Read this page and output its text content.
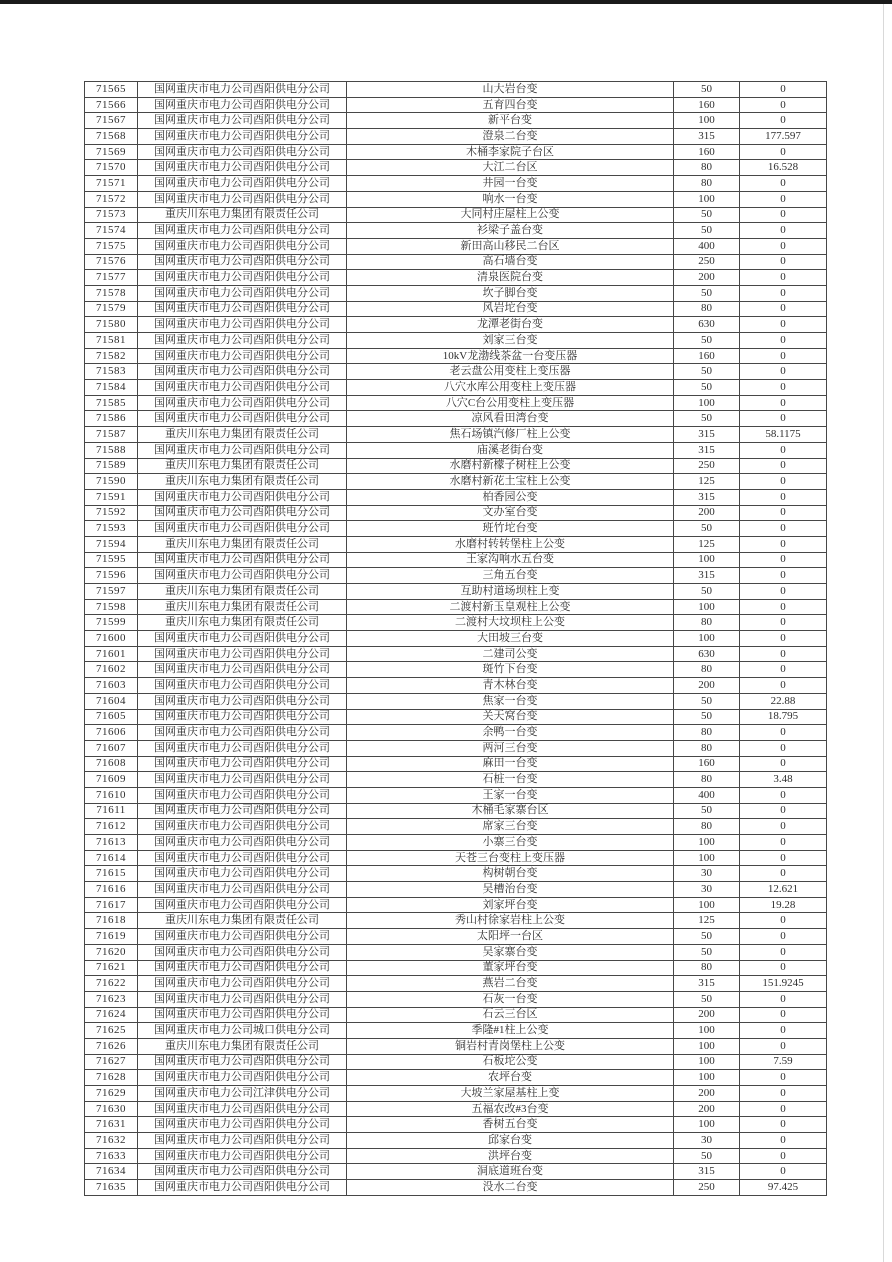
71565	国网重庆市电力公司酉阳供电分公司	山大岩台变	50	0
71566	国网重庆市电力公司酉阳供电分公司	五育四台变	160	0
71567	国网重庆市电力公司酉阳供电分公司	新平台变	100	0
71568	国网重庆市电力公司酉阳供电分公司	澄泉二台变	315	177.597
71569	国网重庆市电力公司酉阳供电分公司	木桶李家院子台区	160	0
71570	国网重庆市电力公司酉阳供电分公司	大江二台区	80	16.528
71571	国网重庆市电力公司酉阳供电分公司	井园一台变	80	0
71572	国网重庆市电力公司酉阳供电分公司	响水一台变	100	0
71573	重庆川东电力集团有限责任公司	大同村庄屋柱上公变	50	0
71574	国网重庆市电力公司酉阳供电分公司	衫梁子盖台变	50	0
71575	国网重庆市电力公司酉阳供电分公司	新田高山移民二台区	400	0
71576	国网重庆市电力公司酉阳供电分公司	高石墙台变	250	0
71577	国网重庆市电力公司酉阳供电分公司	清泉医院台变	200	0
71578	国网重庆市电力公司酉阳供电分公司	坎子脚台变	50	0
71579	国网重庆市电力公司酉阳供电分公司	风岩坨台变	80	0
71580	国网重庆市电力公司酉阳供电分公司	龙潭老街台变	630	0
71581	国网重庆市电力公司酉阳供电分公司	刘家三台变	50	0
71582	国网重庆市电力公司酉阳供电分公司	10kV龙渤线茶盆一台变压器	160	0
71583	国网重庆市电力公司酉阳供电分公司	老云盘公用变柱上变压器	50	0
71584	国网重庆市电力公司酉阳供电分公司	八穴水库公用变柱上变压器	50	0
71585	国网重庆市电力公司酉阳供电分公司	八穴C台公用变柱上变压器	100	0
71586	国网重庆市电力公司酉阳供电分公司	凉风看田湾台变	50	0
71587	重庆川东电力集团有限责任公司	焦石场镇汽修厂柱上公变	315	58.1175
71588	国网重庆市电力公司酉阳供电分公司	庙溪老街台变	315	0
71589	重庆川东电力集团有限责任公司	水磨村新檬子树柱上公变	250	0
71590	重庆川东电力集团有限责任公司	水磨村新花土宝柱上公变	125	0
71591	国网重庆市电力公司酉阳供电分公司	柏香园公变	315	0
71592	国网重庆市电力公司酉阳供电分公司	文办室台变	200	0
71593	国网重庆市电力公司酉阳供电分公司	班竹坨台变	50	0
71594	重庆川东电力集团有限责任公司	水磨村转转堡柱上公变	125	0
71595	国网重庆市电力公司酉阳供电分公司	王家沟响水五台变	100	0
71596	国网重庆市电力公司酉阳供电分公司	三角五台变	315	0
71597	重庆川东电力集团有限责任公司	互助村道场坝柱上变	50	0
71598	重庆川东电力集团有限责任公司	二渡村新玉皇观柱上公变	100	0
71599	重庆川东电力集团有限责任公司	二渡村大坟坝柱上公变	80	0
71600	国网重庆市电力公司酉阳供电分公司	大田坡三台变	100	0
71601	国网重庆市电力公司酉阳供电分公司	二建司公变	630	0
71602	国网重庆市电力公司酉阳供电分公司	斑竹下台变	80	0
71603	国网重庆市电力公司酉阳供电分公司	青木林台变	200	0
71604	国网重庆市电力公司酉阳供电分公司	焦家一台变	50	22.88
71605	国网重庆市电力公司酉阳供电分公司	关天窝台变	50	18.795
71606	国网重庆市电力公司酉阳供电分公司	余鸭一台变	80	0
71607	国网重庆市电力公司酉阳供电分公司	两河三台变	80	0
71608	国网重庆市电力公司酉阳供电分公司	麻田一台变	160	0
71609	国网重庆市电力公司酉阳供电分公司	石桩一台变	80	3.48
71610	国网重庆市电力公司酉阳供电分公司	王家一台变	400	0
71611	国网重庆市电力公司酉阳供电分公司	木桶毛家寨台区	50	0
71612	国网重庆市电力公司酉阳供电分公司	席家三台变	80	0
71613	国网重庆市电力公司酉阳供电分公司	小寨三台变	100	0
71614	国网重庆市电力公司酉阳供电分公司	天苍三台变柱上变压器	100	0
71615	国网重庆市电力公司酉阳供电分公司	构树朝台变	30	0
71616	国网重庆市电力公司酉阳供电分公司	吴槽治台变	30	12.621
71617	国网重庆市电力公司酉阳供电分公司	刘家坪台变	100	19.28
71618	重庆川东电力集团有限责任公司	秀山村徐家岩柱上公变	125	0
71619	国网重庆市电力公司酉阳供电分公司	太阳坪一台区	50	0
71620	国网重庆市电力公司酉阳供电分公司	吴家寨台变	50	0
71621	国网重庆市电力公司酉阳供电分公司	董家坪台变	80	0
71622	国网重庆市电力公司酉阳供电分公司	燕岩二台变	315	151.9245
71623	国网重庆市电力公司酉阳供电分公司	石灰一台变	50	0
71624	国网重庆市电力公司酉阳供电分公司	石云三台区	200	0
71625	国网重庆市电力公司城口供电分公司	季隆#1柱上公变	100	0
71626	重庆川东电力集团有限责任公司	铜岩村青岗堡柱上公变	100	0
71627	国网重庆市电力公司酉阳供电分公司	石板坨公变	100	7.59
71628	国网重庆市电力公司酉阳供电分公司	农坪台变	100	0
71629	国网重庆市电力公司江津供电分公司	大坡兰家屋基柱上变	200	0
71630	国网重庆市电力公司酉阳供电分公司	五福农改#3台变	200	0
71631	国网重庆市电力公司酉阳供电分公司	香树五台变	100	0
71632	国网重庆市电力公司酉阳供电分公司	邱家台变	30	0
71633	国网重庆市电力公司酉阳供电分公司	洪坪台变	50	0
71634	国网重庆市电力公司酉阳供电分公司	洞底道班台变	315	0
71635	国网重庆市电力公司酉阳供电分公司	没水二台变	250	97.425
